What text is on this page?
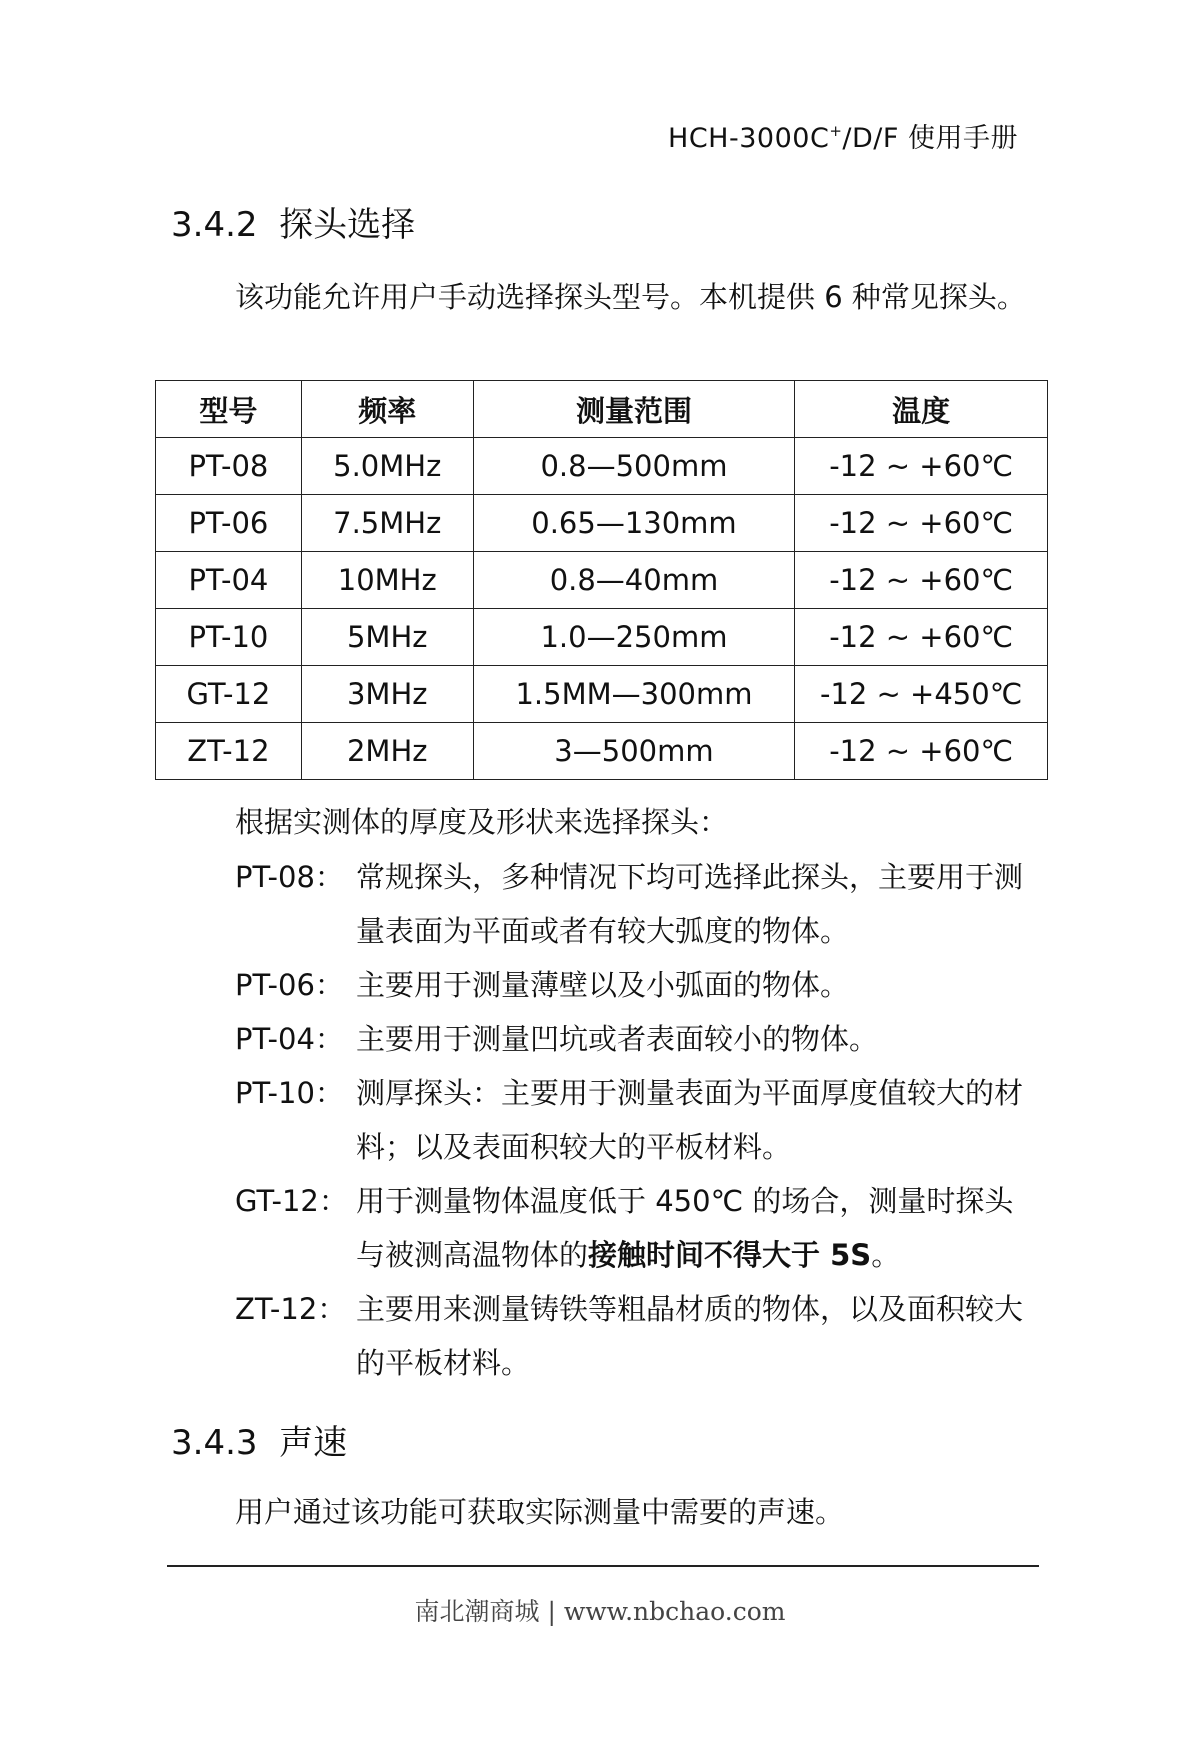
HCH-3000C+/D/F 使用手册
3.4.2 探头选择

该功能允许用户手动选择探头型号。本机提供 6 种常见探头。

型号	频率	测量范围	温度
PT-08	5.0MHz	0.8—500mm	-12 ~ +60℃
PT-06	7.5MHz	0.65—130mm	-12 ~ +60℃
PT-04	10MHz	0.8—40mm	-12 ~ +60℃
PT-10	5MHz	1.0—250mm	-12 ~ +60℃
GT-12	3MHz	1.5MM—300mm	-12 ~ +450℃
ZT-12	2MHz	3—500mm	-12 ~ +60℃
根据实测体的厚度及形状来选择探头：
PT-08： 常规探头，多种情况下均可选择此探头，主要用于测量表面为平面或者有较大弧度的物体。
PT-06： 主要用于测量薄壁以及小弧面的物体。
PT-04： 主要用于测量凹坑或者表面较小的物体。
PT-10： 测厚探头：主要用于测量表面为平面厚度值较大的材料；以及表面积较大的平板材料。
GT-12： 用于测量物体温度低于 450℃ 的场合，测量时探头与被测高温物体的接触时间不得大于 5S。
ZT-12： 主要用来测量铸铁等粗晶材质的物体，以及面积较大的平板材料。
3.4.3 声速

用户通过该功能可获取实际测量中需要的声速。

南北潮商城 | www.nbchao.com
